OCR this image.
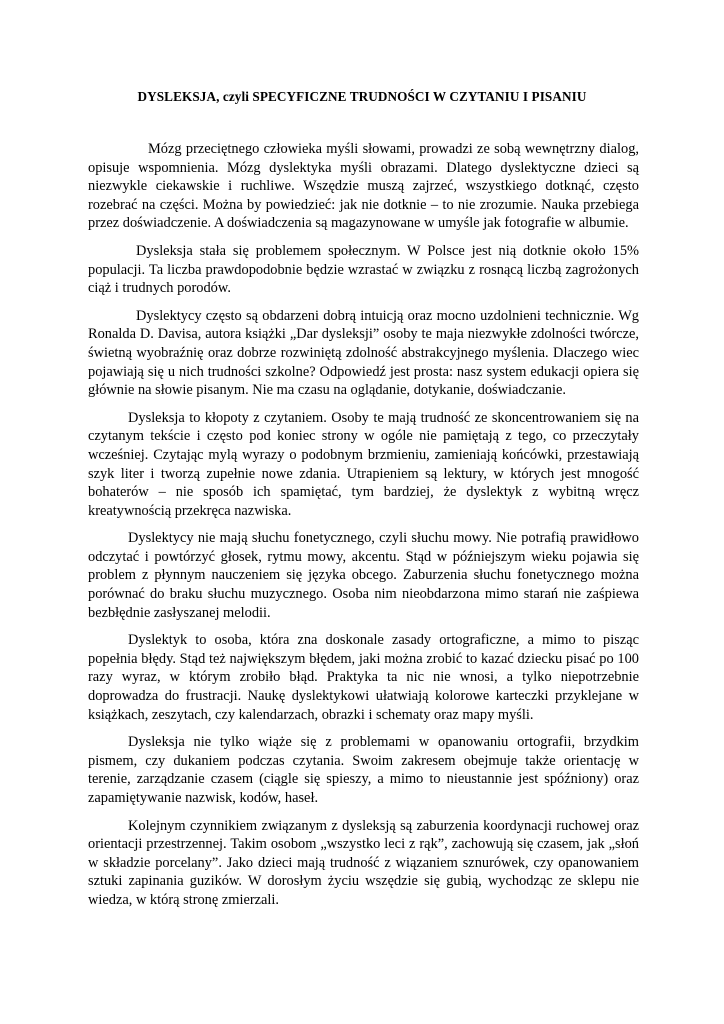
DYSLEKSJA, czyli SPECYFICZNE TRUDNOŚCI W CZYTANIU I PISANIU

Mózg przeciętnego człowieka myśli słowami, prowadzi ze sobą wewnętrzny dialog, opisuje wspomnienia. Mózg dyslektyka myśli obrazami. Dlatego dyslektyczne dzieci są niezwykle ciekawskie i ruchliwe. Wszędzie muszą zajrzeć, wszystkiego dotknąć, często rozebrać na części. Można by powiedzieć: jak nie dotknie – to nie zrozumie. Nauka przebiega przez doświadczenie. A doświadczenia są magazynowane w umyśle jak fotografie w albumie.

Dysleksja stała się problemem społecznym. W Polsce jest nią dotknie około 15% populacji. Ta liczba prawdopodobnie będzie wzrastać w związku z rosnącą liczbą zagrożonych ciąż i trudnych porodów.

Dyslektycy często są obdarzeni dobrą intuicją oraz mocno uzdolnieni technicznie. Wg Ronalda D. Davisa, autora książki „Dar dysleksji” osoby te maja niezwykłe zdolności twórcze, świetną wyobraźnię oraz dobrze rozwiniętą zdolność abstrakcyjnego myślenia. Dlaczego wiec pojawiają się u nich trudności szkolne? Odpowiedź jest prosta: nasz system edukacji opiera się głównie na słowie pisanym. Nie ma czasu na oglądanie, dotykanie, doświadczanie.

Dysleksja to kłopoty z czytaniem. Osoby te mają trudność ze skoncentrowaniem się na czytanym tekście i często pod koniec strony w ogóle nie pamiętają z tego, co przeczytały wcześniej. Czytając mylą wyrazy o podobnym brzmieniu, zamieniają końcówki, przestawiają szyk liter i tworzą zupełnie nowe zdania. Utrapieniem są lektury, w których jest mnogość bohaterów – nie sposób ich spamiętać, tym bardziej, że dyslektyk z wybitną wręcz kreatywnością przekręca nazwiska.

Dyslektycy nie mają słuchu fonetycznego, czyli słuchu mowy. Nie potrafią prawidłowo odczytać i powtórzyć głosek, rytmu mowy, akcentu. Stąd w późniejszym wieku pojawia się problem z płynnym nauczeniem się języka obcego. Zaburzenia słuchu fonetycznego można porównać do braku słuchu muzycznego. Osoba nim nieobdarzona mimo starań nie zaśpiewa bezbłędnie zasłyszanej melodii.

Dyslektyk to osoba, która zna doskonale zasady ortograficzne, a mimo to pisząc popełnia błędy. Stąd też największym błędem, jaki można zrobić to kazać dziecku pisać po 100 razy wyraz, w którym zrobiło błąd. Praktyka ta nic nie wnosi, a tylko niepotrzebnie doprowadza do frustracji. Naukę dyslektykowi ułatwiają kolorowe karteczki przyklejane w książkach, zeszytach, czy kalendarzach, obrazki i schematy oraz mapy myśli.

Dysleksja nie tylko wiąże się z problemami w opanowaniu ortografii, brzydkim pismem, czy dukaniem podczas czytania. Swoim zakresem obejmuje także orientację w terenie, zarządzanie czasem (ciągle się spieszy, a mimo to nieustannie jest spóźniony) oraz zapamiętywanie nazwisk, kodów, haseł.

Kolejnym czynnikiem związanym z dysleksją są zaburzenia koordynacji ruchowej oraz orientacji przestrzennej. Takim osobom „wszystko leci z rąk”, zachowują się czasem, jak „słoń w składzie porcelany”. Jako dzieci mają trudność z wiązaniem sznurówek, czy opanowaniem sztuki zapinania guzików. W dorosłym życiu wszędzie się gubią, wychodząc ze sklepu nie wiedza, w którą stronę zmierzali.
